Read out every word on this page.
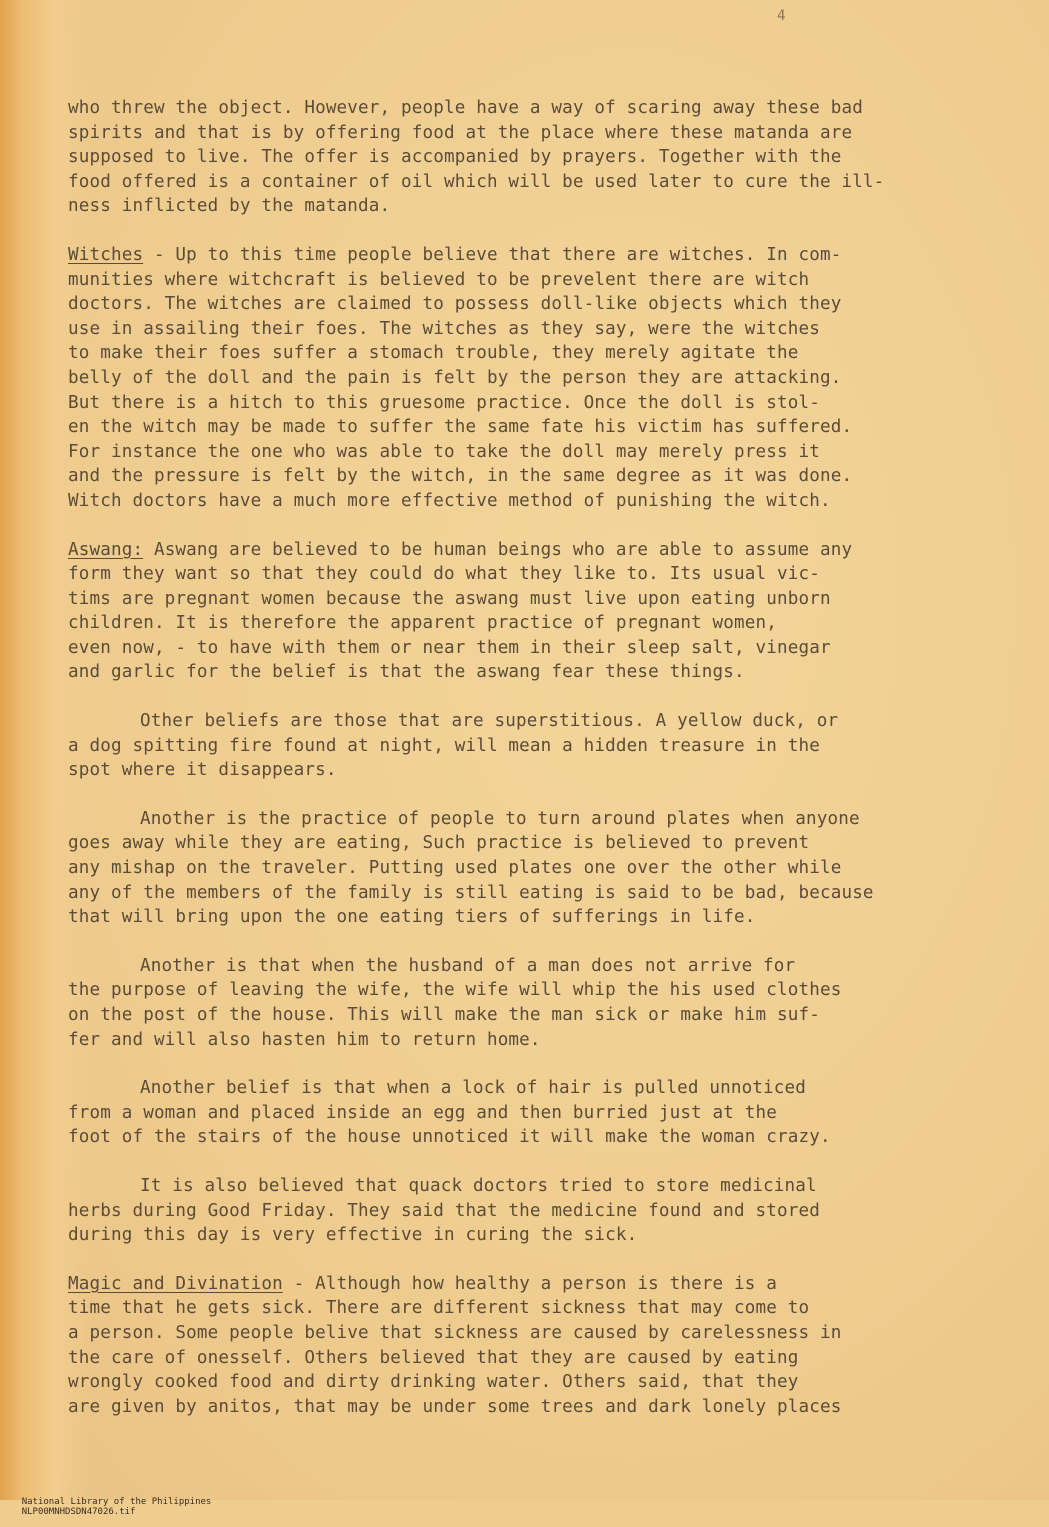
4
who threw the object. However, people have a way of scaring away these bad
spirits and that is by offering food at the place where these matanda are
supposed to live. The offer is accompanied by prayers. Together with the
food offered is a container of oil which will be used later to cure the ill-
ness inflicted by the matanda.
Witches - Up to this time people believe that there are witches. In com-
munities where witchcraft is believed to be prevelent there are witch
doctors. The witches are claimed to possess doll-like objects which they
use in assailing their foes. The witches as they say, were the witches
to make their foes suffer a stomach trouble, they merely agitate the
belly of the doll and the pain is felt by the person they are attacking.
But there is a hitch to this gruesome practice. Once the doll is stol-
en the witch may be made to suffer the same fate his victim has suffered.
For instance the one who was able to take the doll may merely press it
and the pressure is felt by the witch, in the same degree as it was done.
Witch doctors have a much more effective method of punishing the witch.
Aswang: Aswang are believed to be human beings who are able to assume any
form they want so that they could do what they like to. Its usual vic-
tims are pregnant women because the aswang must live upon eating unborn
children. It is therefore the apparent practice of pregnant women,
even now, - to have with them or near them in their sleep salt, vinegar
and garlic for the belief is that the aswang fear these things.
Other beliefs are those that are superstitious. A yellow duck, or
a dog spitting fire found at night, will mean a hidden treasure in the
spot where it disappears.
Another is the practice of people to turn around plates when anyone
goes away while they are eating, Such practice is believed to prevent
any mishap on the traveler. Putting used plates one over the other while
any of the members of the family is still eating is said to be bad, because
that will bring upon the one eating tiers of sufferings in life.
Another is that when the husband of a man does not arrive for
the purpose of leaving the wife, the wife will whip the his used clothes
on the post of the house. This will make the man sick or make him suf-
fer and will also hasten him to return home.
Another belief is that when a lock of hair is pulled unnoticed
from a woman and placed inside an egg and then burried just at the
foot of the stairs of the house unnoticed it will make the woman crazy.
It is also believed that quack doctors tried to store medicinal
herbs during Good Friday. They said that the medicine found and stored
during this day is very effective in curing the sick.
Magic and Divination - Although how healthy a person is there is a
time that he gets sick. There are different sickness that may come to
a person. Some people belive that sickness are caused by carelessness in
the care of onesself. Others believed that they are caused by eating
wrongly cooked food and dirty drinking water. Others said, that they
are given by anitos, that may be under some trees and dark lonely places

National Library of the Philippines
NLP00MNHDSDN47026.tif
